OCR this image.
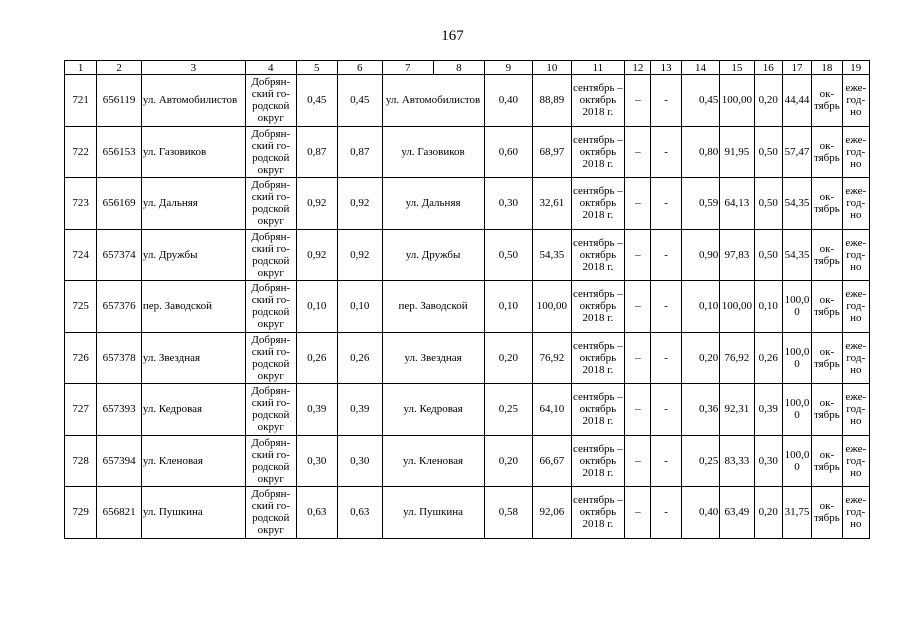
167
1	2	3	4	5	6	7	8	9	10	11	12	13	14	15	16	17	18	19
721	656119	ул. Автомобилистов	Добрян-ский го-родской округ	0,45	0,45	ул. Автомобилистов		0,40	88,89	сентябрь – октябрь 2018 г.	–	-	0,45	100,00	0,20	44,44	ок-тябрь	еже-год-но
722	656153	ул. Газовиков	Добрян-ский го-родской округ	0,87	0,87	ул. Газовиков		0,60	68,97	сентябрь – октябрь 2018 г.	–	-	0,80	91,95	0,50	57,47	ок-тябрь	еже-год-но
723	656169	ул. Дальняя	Добрян-ский го-родской округ	0,92	0,92	ул. Дальняя		0,30	32,61	сентябрь – октябрь 2018 г.	–	-	0,59	64,13	0,50	54,35	ок-тябрь	еже-год-но
724	657374	ул. Дружбы	Добрян-ский го-родской округ	0,92	0,92	ул. Дружбы		0,50	54,35	сентябрь – октябрь 2018 г.	–	-	0,90	97,83	0,50	54,35	ок-тябрь	еже-год-но
725	657376	пер. Заводской	Добрян-ский го-родской округ	0,10	0,10	пер. Заводской		0,10	100,00	сентябрь – октябрь 2018 г.	–	-	0,10	100,00	0,10	100,0 0	ок-тябрь	еже-год-но
726	657378	ул. Звездная	Добрян-ский го-родской округ	0,26	0,26	ул. Звездная		0,20	76,92	сентябрь – октябрь 2018 г.	–	-	0,20	76,92	0,26	100,0 0	ок-тябрь	еже-год-но
727	657393	ул. Кедровая	Добрян-ский го-родской округ	0,39	0,39	ул. Кедровая		0,25	64,10	сентябрь – октябрь 2018 г.	–	-	0,36	92,31	0,39	100,0 0	ок-тябрь	еже-год-но
728	657394	ул. Кленовая	Добрян-ский го-родской округ	0,30	0,30	ул. Кленовая		0,20	66,67	сентябрь – октябрь 2018 г.	–	-	0,25	83,33	0,30	100,0 0	ок-тябрь	еже-год-но
729	656821	ул. Пушкина	Добрян-ский го-родской округ	0,63	0,63	ул. Пушкина		0,58	92,06	сентябрь – октябрь 2018 г.	–	-	0,40	63,49	0,20	31,75	ок-тябрь	еже-год-но
